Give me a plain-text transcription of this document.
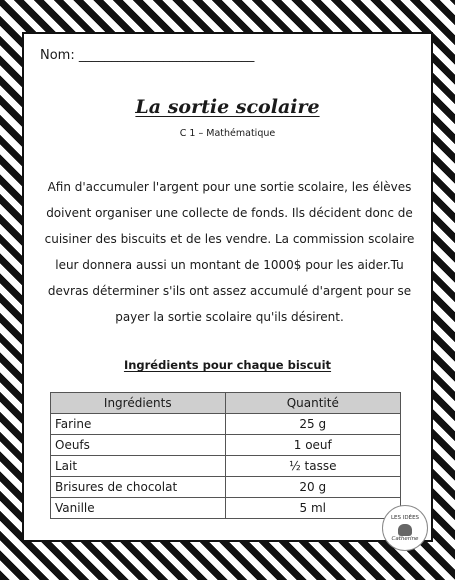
Nom: ___________________________
La sortie scolaire
C 1 – Mathématique
Afin d'accumuler l'argent pour une sortie scolaire, les élèves doivent organiser une collecte de fonds. Ils décident donc de cuisiner des biscuits et de les vendre. La commission scolaire leur donnera aussi un montant de 1000$ pour les aider.Tu devras déterminer s'ils ont assez accumulé d'argent pour se payer la sortie scolaire qu'ils désirent.
Ingrédients pour chaque biscuit
Ingrédients	Quantité
Farine	25 g
Oeufs	1 oeuf
Lait	½ tasse
Brisures de chocolat	20 g
Vanille	5 ml
LES IDÉES
Catherine
